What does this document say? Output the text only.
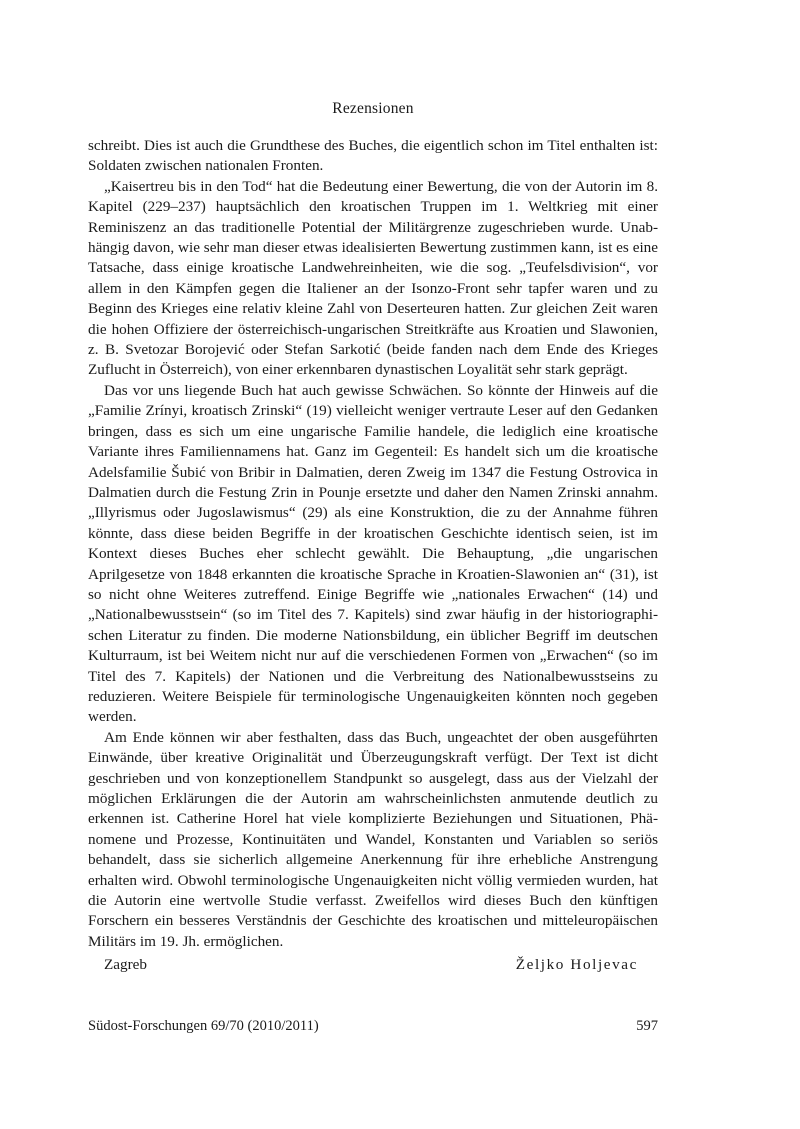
Rezensionen

schreibt. Dies ist auch die Grundthese des Buches, die eigentlich schon im Titel enthalten ist: Soldaten zwischen nationalen Fronten.

„Kaisertreu bis in den Tod“ hat die Bedeutung einer Bewertung, die von der Autorin im 8. Kapitel (229–237) hauptsächlich den kroatischen Truppen im 1. Weltkrieg mit einer Reminiszenz an das traditionelle Potential der Militärgrenze zugeschrieben wurde. Unabhängig davon, wie sehr man dieser etwas idealisierten Bewertung zustimmen kann, ist es eine Tatsache, dass einige kroatische Landwehreinheiten, wie die sog. „Teufelsdivision“, vor allem in den Kämpfen gegen die Italiener an der Isonzo-Front sehr tapfer waren und zu Beginn des Krieges eine relativ kleine Zahl von Deserteuren hatten. Zur gleichen Zeit waren die hohen Offiziere der österreichisch-ungarischen Streitkräfte aus Kroatien und Slawonien, z. B. Svetozar Borojević oder Stefan Sarkotić (beide fanden nach dem Ende des Krieges Zuflucht in Österreich), von einer erkennbaren dynastischen Loyalität sehr stark geprägt.

Das vor uns liegende Buch hat auch gewisse Schwächen. So könnte der Hinweis auf die „Familie Zrínyi, kroatisch Zrinski“ (19) vielleicht weniger vertraute Leser auf den Gedanken bringen, dass es sich um eine ungarische Familie handele, die lediglich eine kroatische Variante ihres Familiennamens hat. Ganz im Gegenteil: Es handelt sich um die kroatische Adelsfamilie Šubić von Bribir in Dalmatien, deren Zweig im 1347 die Festung Ostrovica in Dalmatien durch die Festung Zrin in Pounje ersetzte und daher den Namen Zrinski annahm. „Illyrismus oder Jugoslawismus“ (29) als eine Konstruktion, die zu der Annahme führen könnte, dass diese beiden Begriffe in der kroatischen Geschichte identisch seien, ist im Kontext dieses Buches eher schlecht gewählt. Die Behauptung, „die ungarischen Aprilgesetze von 1848 erkannten die kroatische Sprache in Kroatien-Slawonien an“ (31), ist so nicht ohne Weiteres zutreffend. Einige Begriffe wie „nationales Erwachen“ (14) und „Nationalbewusstsein“ (so im Titel des 7. Kapitels) sind zwar häufig in der historiographischen Literatur zu finden. Die moderne Nationsbildung, ein üblicher Begriff im deutschen Kulturraum, ist bei Weitem nicht nur auf die verschiedenen Formen von „Erwachen“ (so im Titel des 7. Kapitels) der Nationen und die Verbreitung des Nationalbewusstseins zu reduzieren. Weitere Beispiele für terminologische Ungenauigkeiten könnten noch gegeben werden.

Am Ende können wir aber festhalten, dass das Buch, ungeachtet der oben ausgeführten Einwände, über kreative Originalität und Überzeugungskraft verfügt. Der Text ist dicht geschrieben und von konzeptionellem Standpunkt so ausgelegt, dass aus der Vielzahl der möglichen Erklärungen die der Autorin am wahrscheinlichsten anmutende deutlich zu erkennen ist. Catherine Horel hat viele komplizierte Beziehungen und Situationen, Phänomene und Prozesse, Kontinuitäten und Wandel, Konstanten und Variablen so seriös behandelt, dass sie sicherlich allgemeine Anerkennung für ihre erhebliche Anstrengung erhalten wird. Obwohl terminologische Ungenauigkeiten nicht völlig vermieden wurden, hat die Autorin eine wertvolle Studie verfasst. Zweifellos wird dieses Buch den künftigen Forschern ein besseres Verständnis der Geschichte des kroatischen und mitteleuropäischen Militärs im 19. Jh. ermöglichen.

Zagreb	Željko Holjevac
Südost-Forschungen 69/70 (2010/2011)	597
